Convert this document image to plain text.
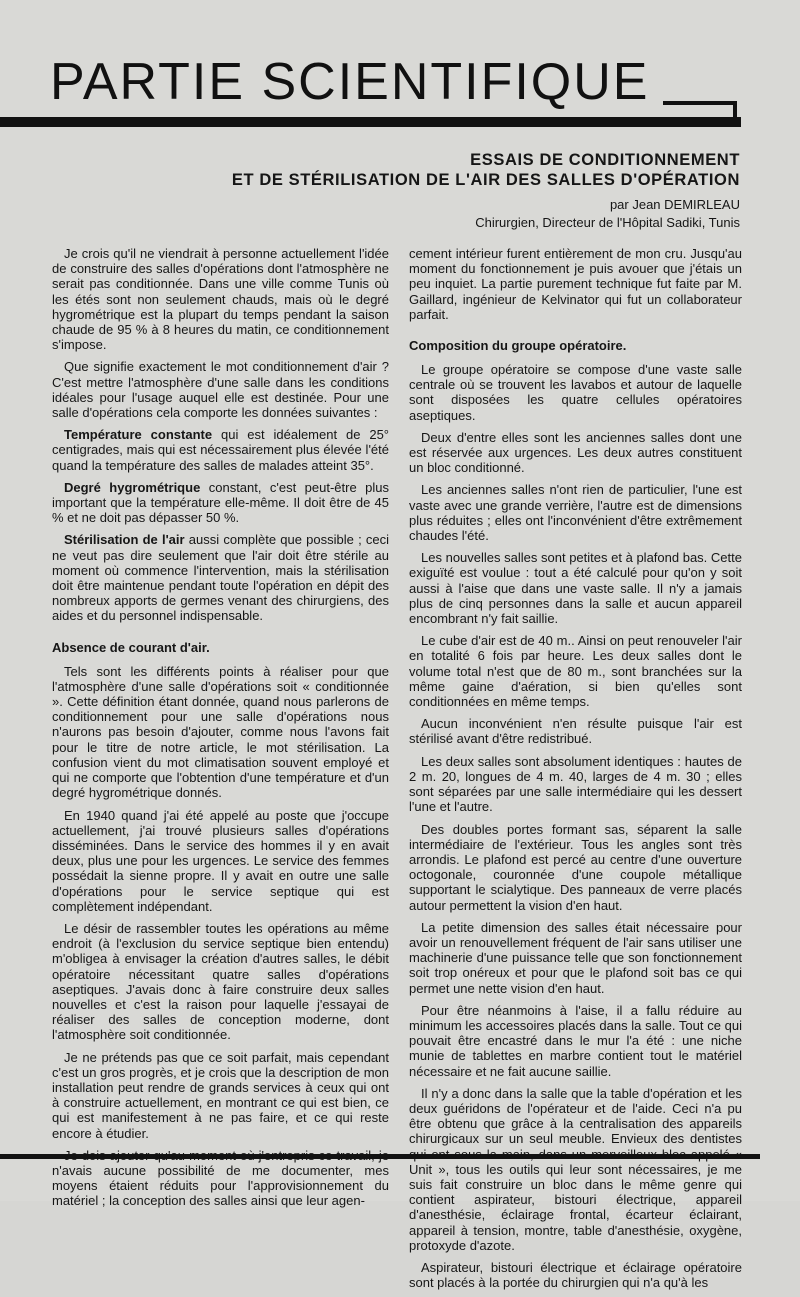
PARTIE SCIENTIFIQUE
ESSAIS DE CONDITIONNEMENT
ET DE STÉRILISATION DE L'AIR DES SALLES D'OPÉRATION
par Jean DEMIRLEAU
Chirurgien, Directeur de l'Hôpital Sadiki, Tunis

Je crois qu'il ne viendrait à personne actuellement l'idée de construire des salles d'opérations dont l'atmosphère ne serait pas conditionnée. Dans une ville comme Tunis où les étés sont non seulement chauds, mais où le degré hygrométrique est la plupart du temps pendant la saison chaude de 95 % à 8 heures du matin, ce conditionnement s'impose.

Que signifie exactement le mot conditionnement d'air ? C'est mettre l'atmosphère d'une salle dans les conditions idéales pour l'usage auquel elle est destinée. Pour une salle d'opérations cela comporte les données suivantes :

Température constante qui est idéalement de 25° centigrades, mais qui est nécessairement plus élevée l'été quand la température des salles de malades atteint 35°.

Degré hygrométrique constant, c'est peut-être plus important que la température elle-même. Il doit être de 45 % et ne doit pas dépasser 50 %.

Stérilisation de l'air aussi complète que possible ; ceci ne veut pas dire seulement que l'air doit être stérile au moment où commence l'intervention, mais la stérilisation doit être maintenue pendant toute l'opération en dépit des nombreux apports de germes venant des chirurgiens, des aides et du personnel indispensable.

Absence de courant d'air.

Tels sont les différents points à réaliser pour que l'atmosphère d'une salle d'opérations soit « conditionnée ». Cette définition étant donnée, quand nous parlerons de conditionnement pour une salle d'opérations nous n'aurons pas besoin d'ajouter, comme nous l'avons fait pour le titre de notre article, le mot stérilisation. La confusion vient du mot climatisation souvent employé et qui ne comporte que l'obtention d'une température et d'un degré hygrométrique donnés.

En 1940 quand j'ai été appelé au poste que j'occupe actuellement, j'ai trouvé plusieurs salles d'opérations disséminées. Dans le service des hommes il y en avait deux, plus une pour les urgences. Le service des femmes possédait la sienne propre. Il y avait en outre une salle d'opérations pour le service septique qui est complètement indépendant.

Le désir de rassembler toutes les opérations au même endroit (à l'exclusion du service septique bien entendu) m'obligea à envisager la création d'autres salles, le débit opératoire nécessitant quatre salles d'opérations aseptiques. J'avais donc à faire construire deux salles nouvelles et c'est la raison pour laquelle j'essayai de réaliser des salles de conception moderne, dont l'atmosphère soit conditionnée.

Je ne prétends pas que ce soit parfait, mais cependant c'est un gros progrès, et je crois que la description de mon installation peut rendre de grands services à ceux qui ont à construire actuellement, en montrant ce qui est bien, ce qui est manifestement à ne pas faire, et ce qui reste encore à étudier.

n'avais aucune possibilité de me documenter, mes moyens étaient réduits pour l'approvisionnement du matériel ; la conception des salles ainsi que leur agen-

cement intérieur furent entièrement de mon cru. Jusqu'au moment du fonctionnement je puis avouer que j'étais un peu inquiet. La partie purement technique fut faite par M. Gaillard, ingénieur de Kelvinator qui fut un collaborateur parfait.

Composition du groupe opératoire.

Le groupe opératoire se compose d'une vaste salle centrale où se trouvent les lavabos et autour de laquelle sont disposées les quatre cellules opératoires aseptiques.

Deux d'entre elles sont les anciennes salles dont une est réservée aux urgences. Les deux autres constituent un bloc conditionné.

Les anciennes salles n'ont rien de particulier, l'une est vaste avec une grande verrière, l'autre est de dimensions plus réduites ; elles ont l'inconvénient d'être extrêmement chaudes l'été.

Les nouvelles salles sont petites et à plafond bas. Cette exiguïté est voulue : tout a été calculé pour qu'on y soit aussi à l'aise que dans une vaste salle. Il n'y a jamais plus de cinq personnes dans la salle et aucun appareil encombrant n'y fait saillie.

Le cube d'air est de 40 m.. Ainsi on peut renouveler l'air en totalité 6 fois par heure. Les deux salles dont le volume total n'est que de 80 m., sont branchées sur la même gaine d'aération, si bien qu'elles sont conditionnées en même temps.

Aucun inconvénient n'en résulte puisque l'air est stérilisé avant d'être redistribué.

Les deux salles sont absolument identiques : hautes de 2 m. 20, longues de 4 m. 40, larges de 4 m. 30 ; elles sont séparées par une salle intermédiaire qui les dessert l'une et l'autre.

Des doubles portes formant sas, séparent la salle intermédiaire de l'extérieur. Tous les angles sont très arrondis. Le plafond est percé au centre d'une ouverture octogonale, couronnée d'une coupole métallique supportant le scialytique. Des panneaux de verre placés autour permettent la vision d'en haut.

La petite dimension des salles était nécessaire pour avoir un renouvellement fréquent de l'air sans utiliser une machinerie d'une puissance telle que son fonctionnement soit trop onéreux et pour que le plafond soit bas ce qui permet une nette vision d'en haut.

Pour être néanmoins à l'aise, il a fallu réduire au minimum les accessoires placés dans la salle. Tout ce qui pouvait être encastré dans le mur l'a été : une niche munie de tablettes en marbre contient tout le matériel nécessaire et ne fait aucune saillie.

Il n'y a donc dans la salle que la table d'opération et les deux guéridons de l'opérateur et de l'aide. Ceci n'a pu être obtenu que grâce à la centralisation des appareils chirurgicaux sur un seul meuble. Envieux des dentistes Unit », tous les outils qui leur sont nécessaires, je me suis fait construire un bloc dans le même genre qui contient aspirateur, bistouri électrique, appareil d'anesthésie, éclairage frontal, écarteur éclairant, appareil à tension, montre, table d'anesthésie, oxygène, protoxyde d'azote.

Aspirateur, bistouri électrique et éclairage opératoire sont placés à la portée du chirurgien qui n'a qu'à les
